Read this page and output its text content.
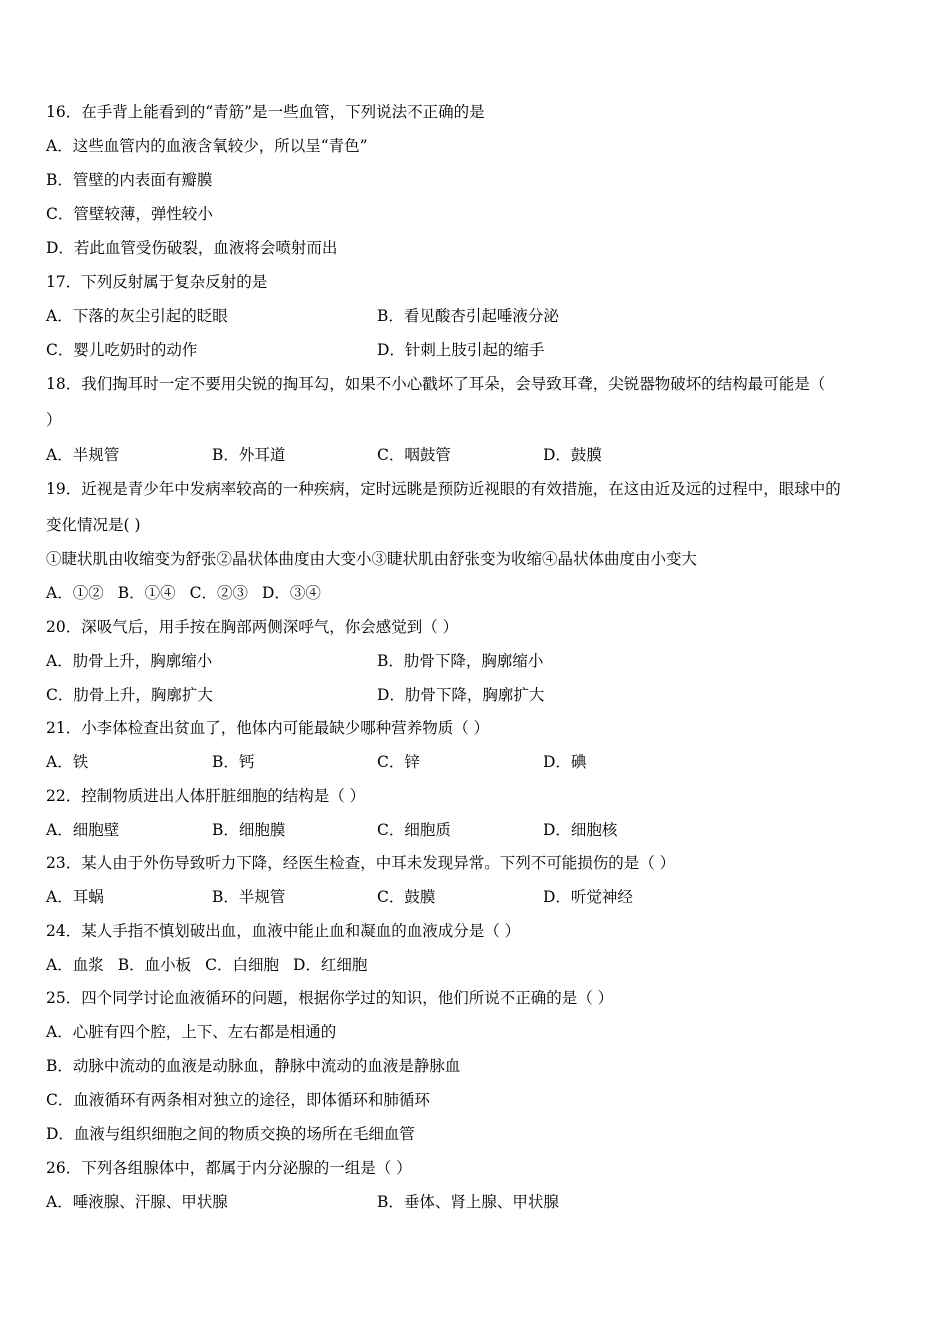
16．在手背上能看到的“青筋”是一些血管，下列说法不正确的是
A．这些血管内的血液含氧较少，所以呈“青色”
B．管壁的内表面有瓣膜
C．管壁较薄，弹性较小
D．若此血管受伤破裂，血液将会喷射而出
17．下列反射属于复杂反射的是
A．下落的灰尘引起的眨眼	B．看见酸杏引起唾液分泌
C．婴儿吃奶时的动作	D．针刺上肢引起的缩手
18．我们掏耳时一定不要用尖锐的掏耳勾，如果不小心戳坏了耳朵，会导致耳聋，尖锐器物破坏的结构最可能是（
）
A．半规管	B．外耳道	C．咽鼓管	D．鼓膜
19．近视是青少年中发病率较高的一种疾病，定时远眺是预防近视眼的有效措施，在这由近及远的过程中，眼球中的
变化情况是( )
①睫状肌由收缩变为舒张②晶状体曲度由大变小③睫状肌由舒张变为收缩④晶状体曲度由小变大
A．①② B．①④ C．②③ D．③④
20．深吸气后，用手按在胸部两侧深呼气，你会感觉到（ ）
A．肋骨上升，胸廓缩小	B．肋骨下降，胸廓缩小
C．肋骨上升，胸廓扩大	D．肋骨下降，胸廓扩大
21．小李体检查出贫血了，他体内可能最缺少哪种营养物质（ ）
A．铁	B．钙	C．锌	D．碘
22．控制物质进出人体肝脏细胞的结构是（ ）
A．细胞壁	B．细胞膜	C．细胞质	D．细胞核
23．某人由于外伤导致听力下降，经医生检查，中耳未发现异常。下列不可能损伤的是（ ）
A．耳蜗	B．半规管	C．鼓膜	D．听觉神经
24．某人手指不慎划破出血，血液中能止血和凝血的血液成分是（ ）
A．血浆 B．血小板 C．白细胞 D．红细胞
25．四个同学讨论血液循环的问题，根据你学过的知识，他们所说不正确的是（ ）
A．心脏有四个腔，上下、左右都是相通的
B．动脉中流动的血液是动脉血，静脉中流动的血液是静脉血
C．血液循环有两条相对独立的途径，即体循环和肺循环
D．血液与组织细胞之间的物质交换的场所在毛细血管
26．下列各组腺体中，都属于内分泌腺的一组是（ ）
A．唾液腺、汗腺、甲状腺	B．垂体、肾上腺、甲状腺
